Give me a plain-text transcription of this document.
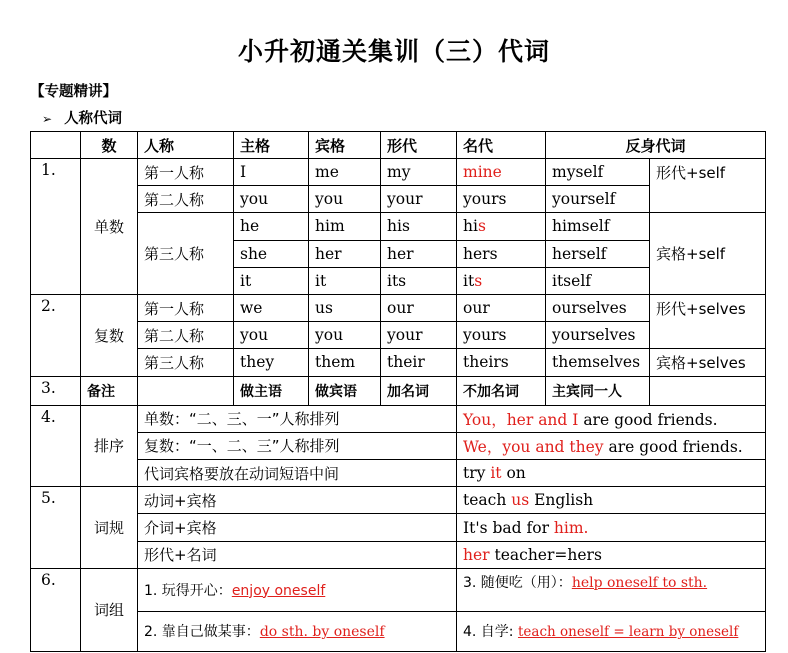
小升初通关集训（三）代词
【专题精讲】
➢ 人称代词
	数	人称	主格	宾格	形代	名代	反身代词	
1.	单数	第一人称	I	me	my	mine	myself	形代+self
		第二人称	you	you	your	yours	yourself	
		第三人称	he	him	his	his	himself	宾格+self
			she	her	her	hers	herself	
			it	it	its	its	itself	
2.	复数	第一人称	we	us	our	our	ourselves	形代+selves
		第二人称	you	you	your	yours	yourselves	
		第三人称	they	them	their	theirs	themselves	宾格+selves
3.	备注		做主语	做宾语	加名词	不加名词	主宾同一人	
4.	排序	单数：“二、三、一”人称排列				You，her and I are good friends.		
		复数：“一、二、三”人称排列				We，you and they are good friends.		
		代词宾格要放在动词短语中间				try it on		
5.	词规	动词+宾格				teach us English		
		介词+宾格				It's bad for him.		
		形代+名词				her teacher=hers		
6.	词组	1. 玩得开心：enjoy oneself				3. 随便吃（用）：help oneself to sth.		
		2. 靠自己做某事：do sth. by oneself				4. 自学: teach oneself = learn by oneself		
